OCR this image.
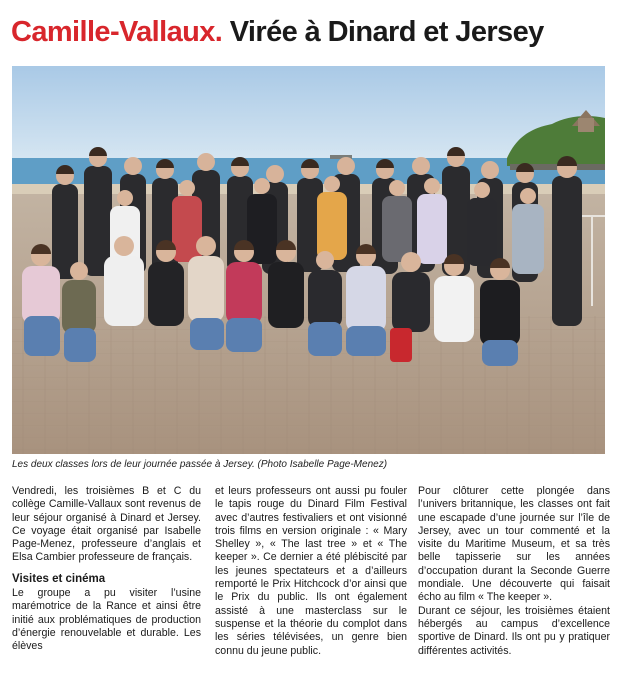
Camille-Vallaux. Virée à Dinard et Jersey
Les deux classes lors de leur journée passée à Jersey. (Photo Isabelle Page-Menez)

Vendredi, les troisièmes B et C du collège Camille-Vallaux sont revenus de leur séjour organisé à Dinard et Jersey. Ce voyage était organisé par Isabelle Page-Menez, professeure d’anglais et Elsa Cambier professeure de français.

Visites et cinéma

Le groupe a pu visiter l’usine marémotrice de la Rance et ainsi être initié aux problématiques de production d’énergie renouvelable et durable. Les élèves

et leurs professeurs ont aussi pu fouler le tapis rouge du Dinard Film Festival avec d’autres festivaliers et ont visionné trois films en version originale : « Mary Shelley », « The last tree » et « The keeper ». Ce dernier a été plébiscité par les jeunes spectateurs et a d’ailleurs remporté le Prix Hitchcock d’or ainsi que le Prix du public. Ils ont également assisté à une masterclass sur le suspense et la théorie du complot dans les séries télévisées, un genre bien connu du jeune public.

Pour clôturer cette plongée dans l’univers britannique, les classes ont fait une escapade d’une journée sur l’île de Jersey, avec un tour commenté et la visite du Maritime Museum, et sa très belle tapisserie sur les années d’occupation durant la Seconde Guerre mondiale. Une découverte qui faisait écho au film « The keeper ».

Durant ce séjour, les troisièmes étaient hébergés au campus d’excellence sportive de Dinard. Ils ont pu y pratiquer différentes activités.
